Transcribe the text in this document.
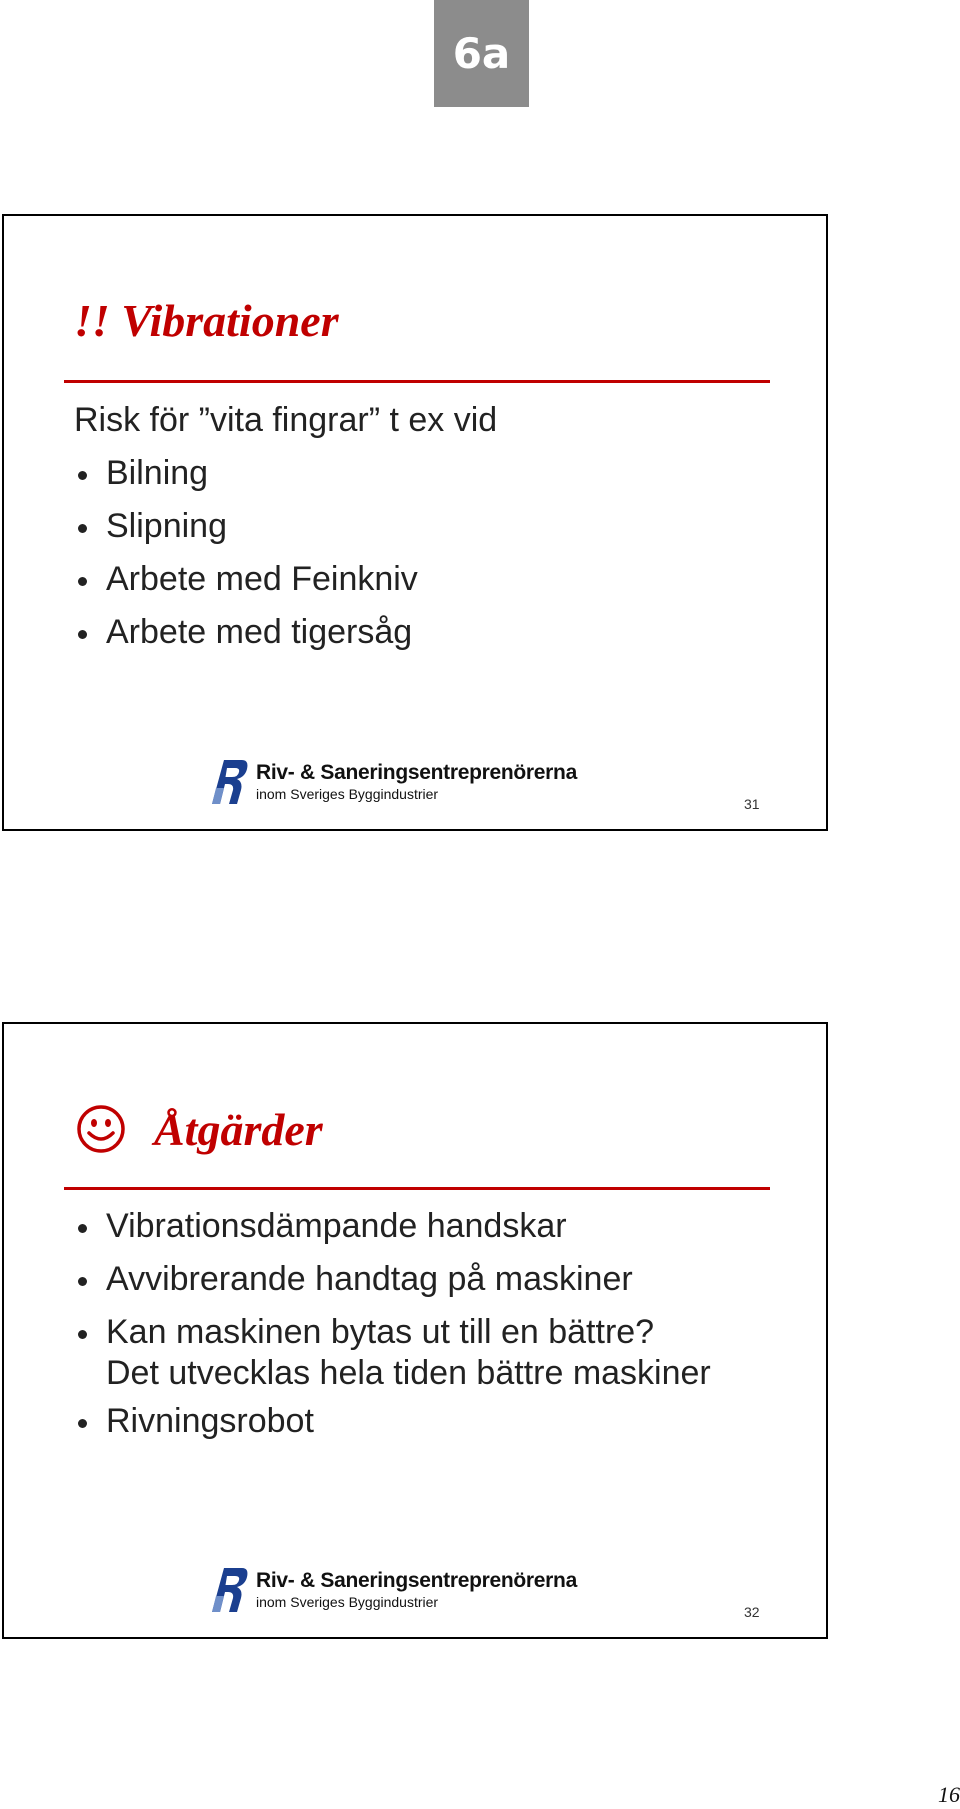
6a
!! Vibrationer

Risk för ”vita fingrar” t ex vid

Bilning
Slipning
Arbete med Feinkniv
Arbete med tigersåg
Riv- & Saneringsentreprenörerna
inom Sveriges Byggindustrier
31
Åtgärder
Vibrationsdämpande handskar
Avvibrerande handtag på maskiner
Kan maskinen bytas ut till en bättre?
Det utvecklas hela tiden bättre maskiner
Rivningsrobot
Riv- & Saneringsentreprenörerna
inom Sveriges Byggindustrier
32
16
